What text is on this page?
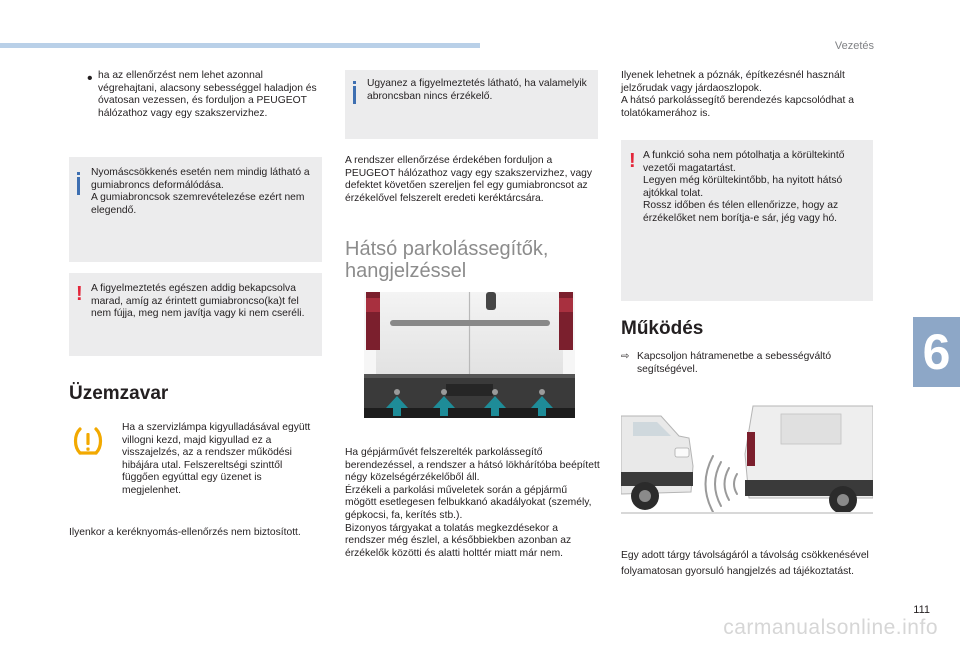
Vezetés
6
111
carmanualsonline.info
• ha az ellenőrzést nem lehet azonnal végrehajtani, alacsony sebességgel haladjon és óvatosan vezessen, és forduljon a PEUGEOT hálózathoz vagy egy szakszervizhez.

Nyomáscsökkenés esetén nem mindig látható a gumiabroncs deformálódása.

A gumiabroncsok szemrevételezése ezért nem elegendő.

! A figyelmeztetés egészen addig bekapcsolva marad, amíg az érintett gumiabroncso(ka)t fel nem fújja, meg nem javítja vagy ki nem cseréli.

Üzemzavar

Ha a szervizlámpa kigyulladásával együtt villogni kezd, majd kigyullad ez a visszajelzés, az a rendszer működési hibájára utal. Felszereltségi szinttől függően egyúttal egy üzenet is megjelenhet.

Ilyenkor a keréknyomás-ellenőrzés nem biztosított.

Ugyanez a figyelmeztetés látható, ha valamelyik abroncsban nincs érzékelő.

A rendszer ellenőrzése érdekében forduljon a PEUGEOT hálózathoz vagy egy szakszervizhez, vagy defektet követően szereljen fel egy gumiabroncsot az érzékelővel felszerelt eredeti keréktárcsára.

Hátsó parkolássegítők,

hangjelzéssel

Ha gépjárművét felszerelték parkolássegítő berendezéssel, a rendszer a hátsó lökhárítóba beépített négy közelségérzékelőből áll.

Érzékeli a parkolási műveletek során a gépjármű mögött esetlegesen felbukkanó akadályokat (személy, gépkocsi, fa, kerítés stb.).

Bizonyos tárgyakat a tolatás megkezdésekor a rendszer még észlel, a későbbiekben azonban az érzékelők közötti és alatti holttér miatt már nem.

Ilyenek lehetnek a póznák, építkezésnél használt jelzőrudak vagy járdaoszlopok.

A hátsó parkolássegítő berendezés kapcsolódhat a tolatókamerához is.

! A funkció soha nem pótolhatja a körültekintő vezetői magatartást.

Legyen még körültekintőbb, ha nyitott hátsó ajtókkal tolat.

Rossz időben és télen ellenőrizze, hogy az érzékelőket nem borítja-e sár, jég vagy hó.

Működés
⇨ Kapcsoljon hátramenetbe a sebességváltó segítségével.

Egy adott tárgy távolságáról a távolság csökkenésével folyamatosan gyorsuló hangjelzés ad tájékoztatást.
